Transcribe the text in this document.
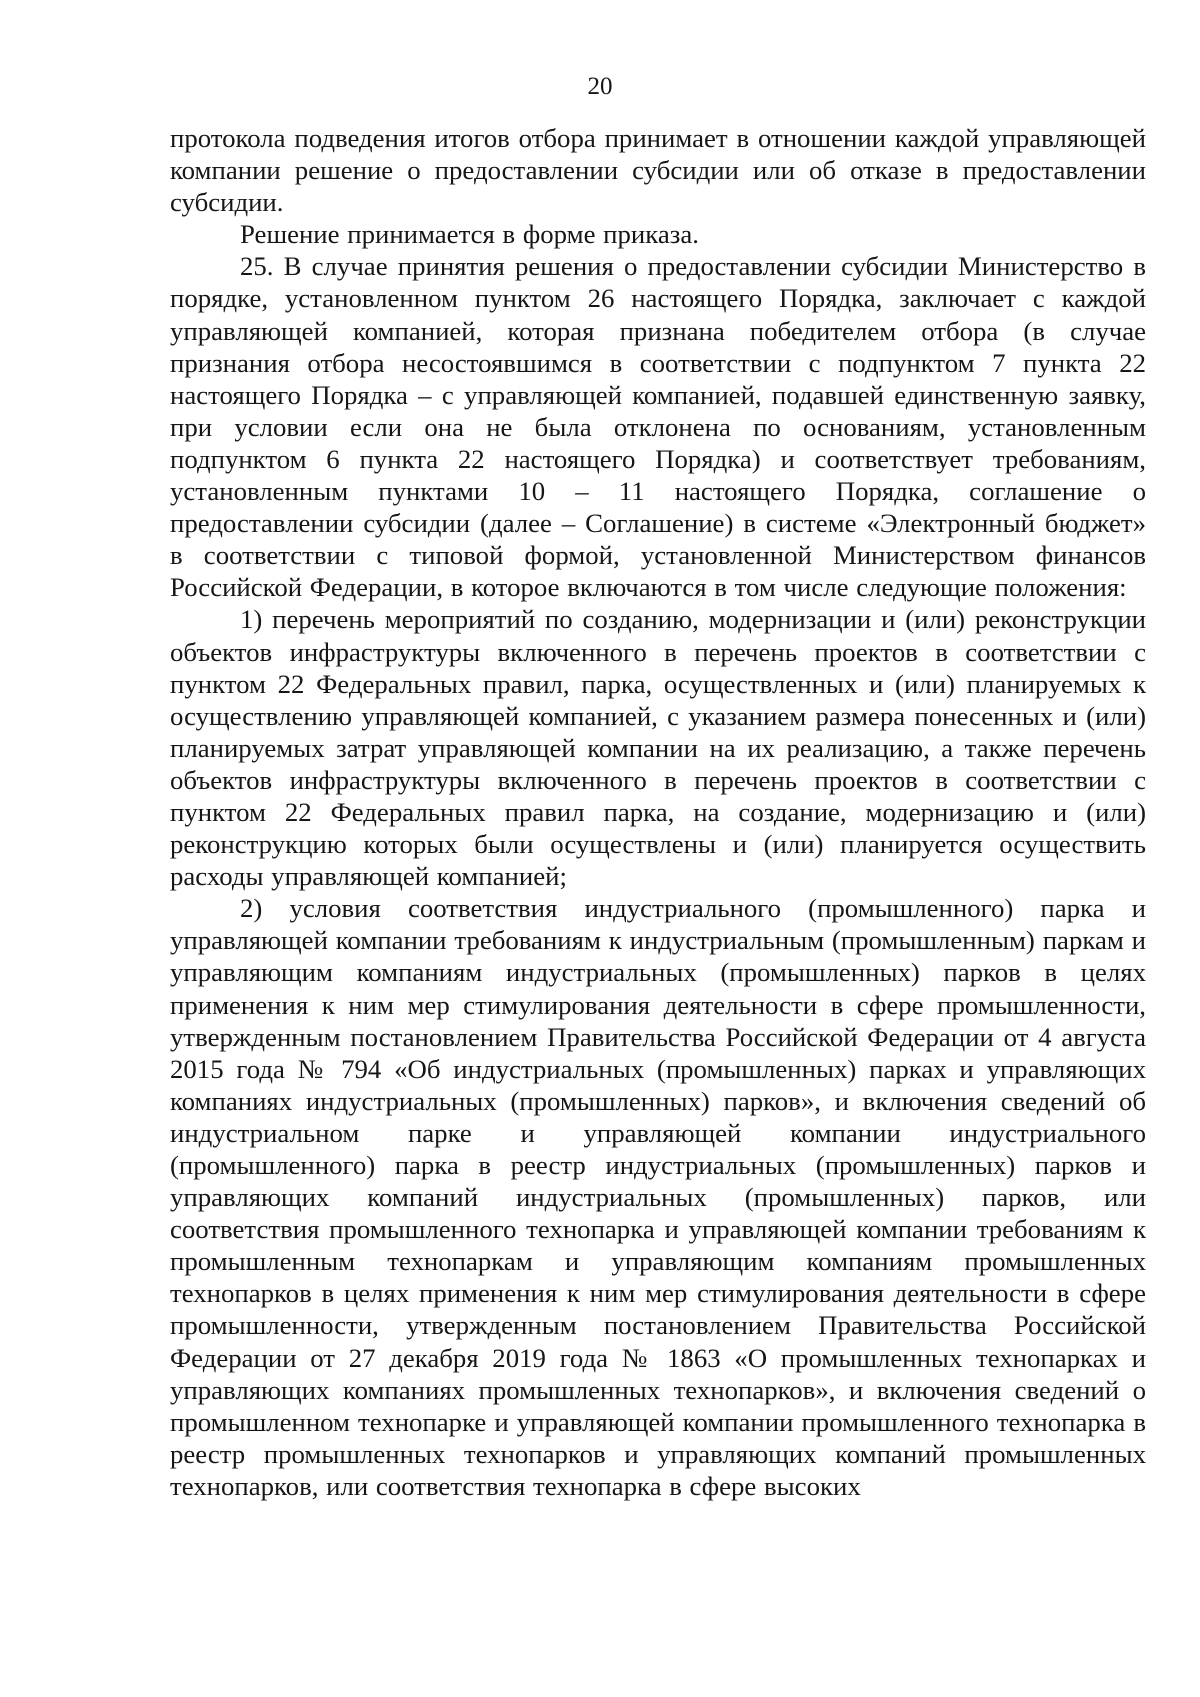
20

протокола подведения итогов отбора принимает в отношении каждой управляющей компании решение о предоставлении субсидии или об отказе в предоставлении субсидии.

Решение принимается в форме приказа.

25. В случае принятия решения о предоставлении субсидии Министерство в порядке, установленном пунктом 26 настоящего Порядка, заключает с каждой управляющей компанией, которая признана победителем отбора (в случае признания отбора несостоявшимся в соответствии с подпунктом 7 пункта 22 настоящего Порядка – с управляющей компанией, подавшей единственную заявку, при условии если она не была отклонена по основаниям, установленным подпунктом 6 пункта 22 настоящего Порядка) и соответствует требованиям, установленным пунктами 10 – 11 настоящего Порядка, соглашение о предоставлении субсидии (далее – Соглашение) в системе «Электронный бюджет» в соответствии с типовой формой, установленной Министерством финансов Российской Федерации, в которое включаются в том числе следующие положения:

1) перечень мероприятий по созданию, модернизации и (или) реконструкции объектов инфраструктуры включенного в перечень проектов в соответствии с пунктом 22 Федеральных правил, парка, осуществленных и (или) планируемых к осуществлению управляющей компанией, с указанием размера понесенных и (или) планируемых затрат управляющей компании на их реализацию, а также перечень объектов инфраструктуры включенного в перечень проектов в соответствии с пунктом 22 Федеральных правил парка, на создание, модернизацию и (или) реконструкцию которых были осуществлены и (или) планируется осуществить расходы управляющей компанией;

2) условия соответствия индустриального (промышленного) парка и управляющей компании требованиям к индустриальным (промышленным) паркам и управляющим компаниям индустриальных (промышленных) парков в целях применения к ним мер стимулирования деятельности в сфере промышленности, утвержденным постановлением Правительства Российской Федерации от 4 августа 2015 года № 794 «Об индустриальных (промышленных) парках и управляющих компаниях индустриальных (промышленных) парков», и включения сведений об индустриальном парке и управляющей компании индустриального (промышленного) парка в реестр индустриальных (промышленных) парков и управляющих компаний индустриальных (промышленных) парков, или соответствия промышленного технопарка и управляющей компании требованиям к промышленным технопаркам и управляющим компаниям промышленных технопарков в целях применения к ним мер стимулирования деятельности в сфере промышленности, утвержденным постановлением Правительства Российской Федерации от 27 декабря 2019 года № 1863 «О промышленных технопарках и управляющих компаниях промышленных технопарков», и включения сведений о промышленном технопарке и управляющей компании промышленного технопарка в реестр промышленных технопарков и управляющих компаний промышленных технопарков, или соответствия технопарка в сфере высоких
